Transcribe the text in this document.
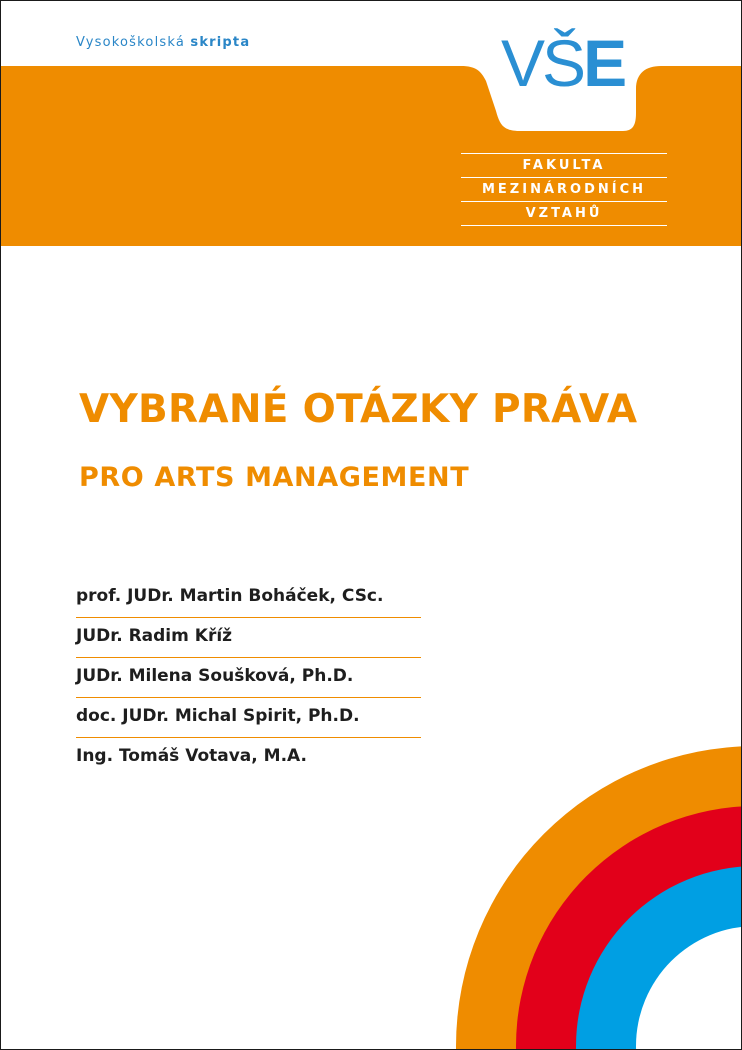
Vysokoškolská skripta	VŠE
FAKULTA
MEZINÁRODNÍCH
VZTAHŮ
VYBRANÉ OTÁZKY PRÁVA
PRO ARTS MANAGEMENT
prof. JUDr. Martin Boháček, CSc.
JUDr. Radim Kříž
JUDr. Milena Soušková, Ph.D.
doc. JUDr. Michal Spirit, Ph.D.
Ing. Tomáš Votava, M.A.
